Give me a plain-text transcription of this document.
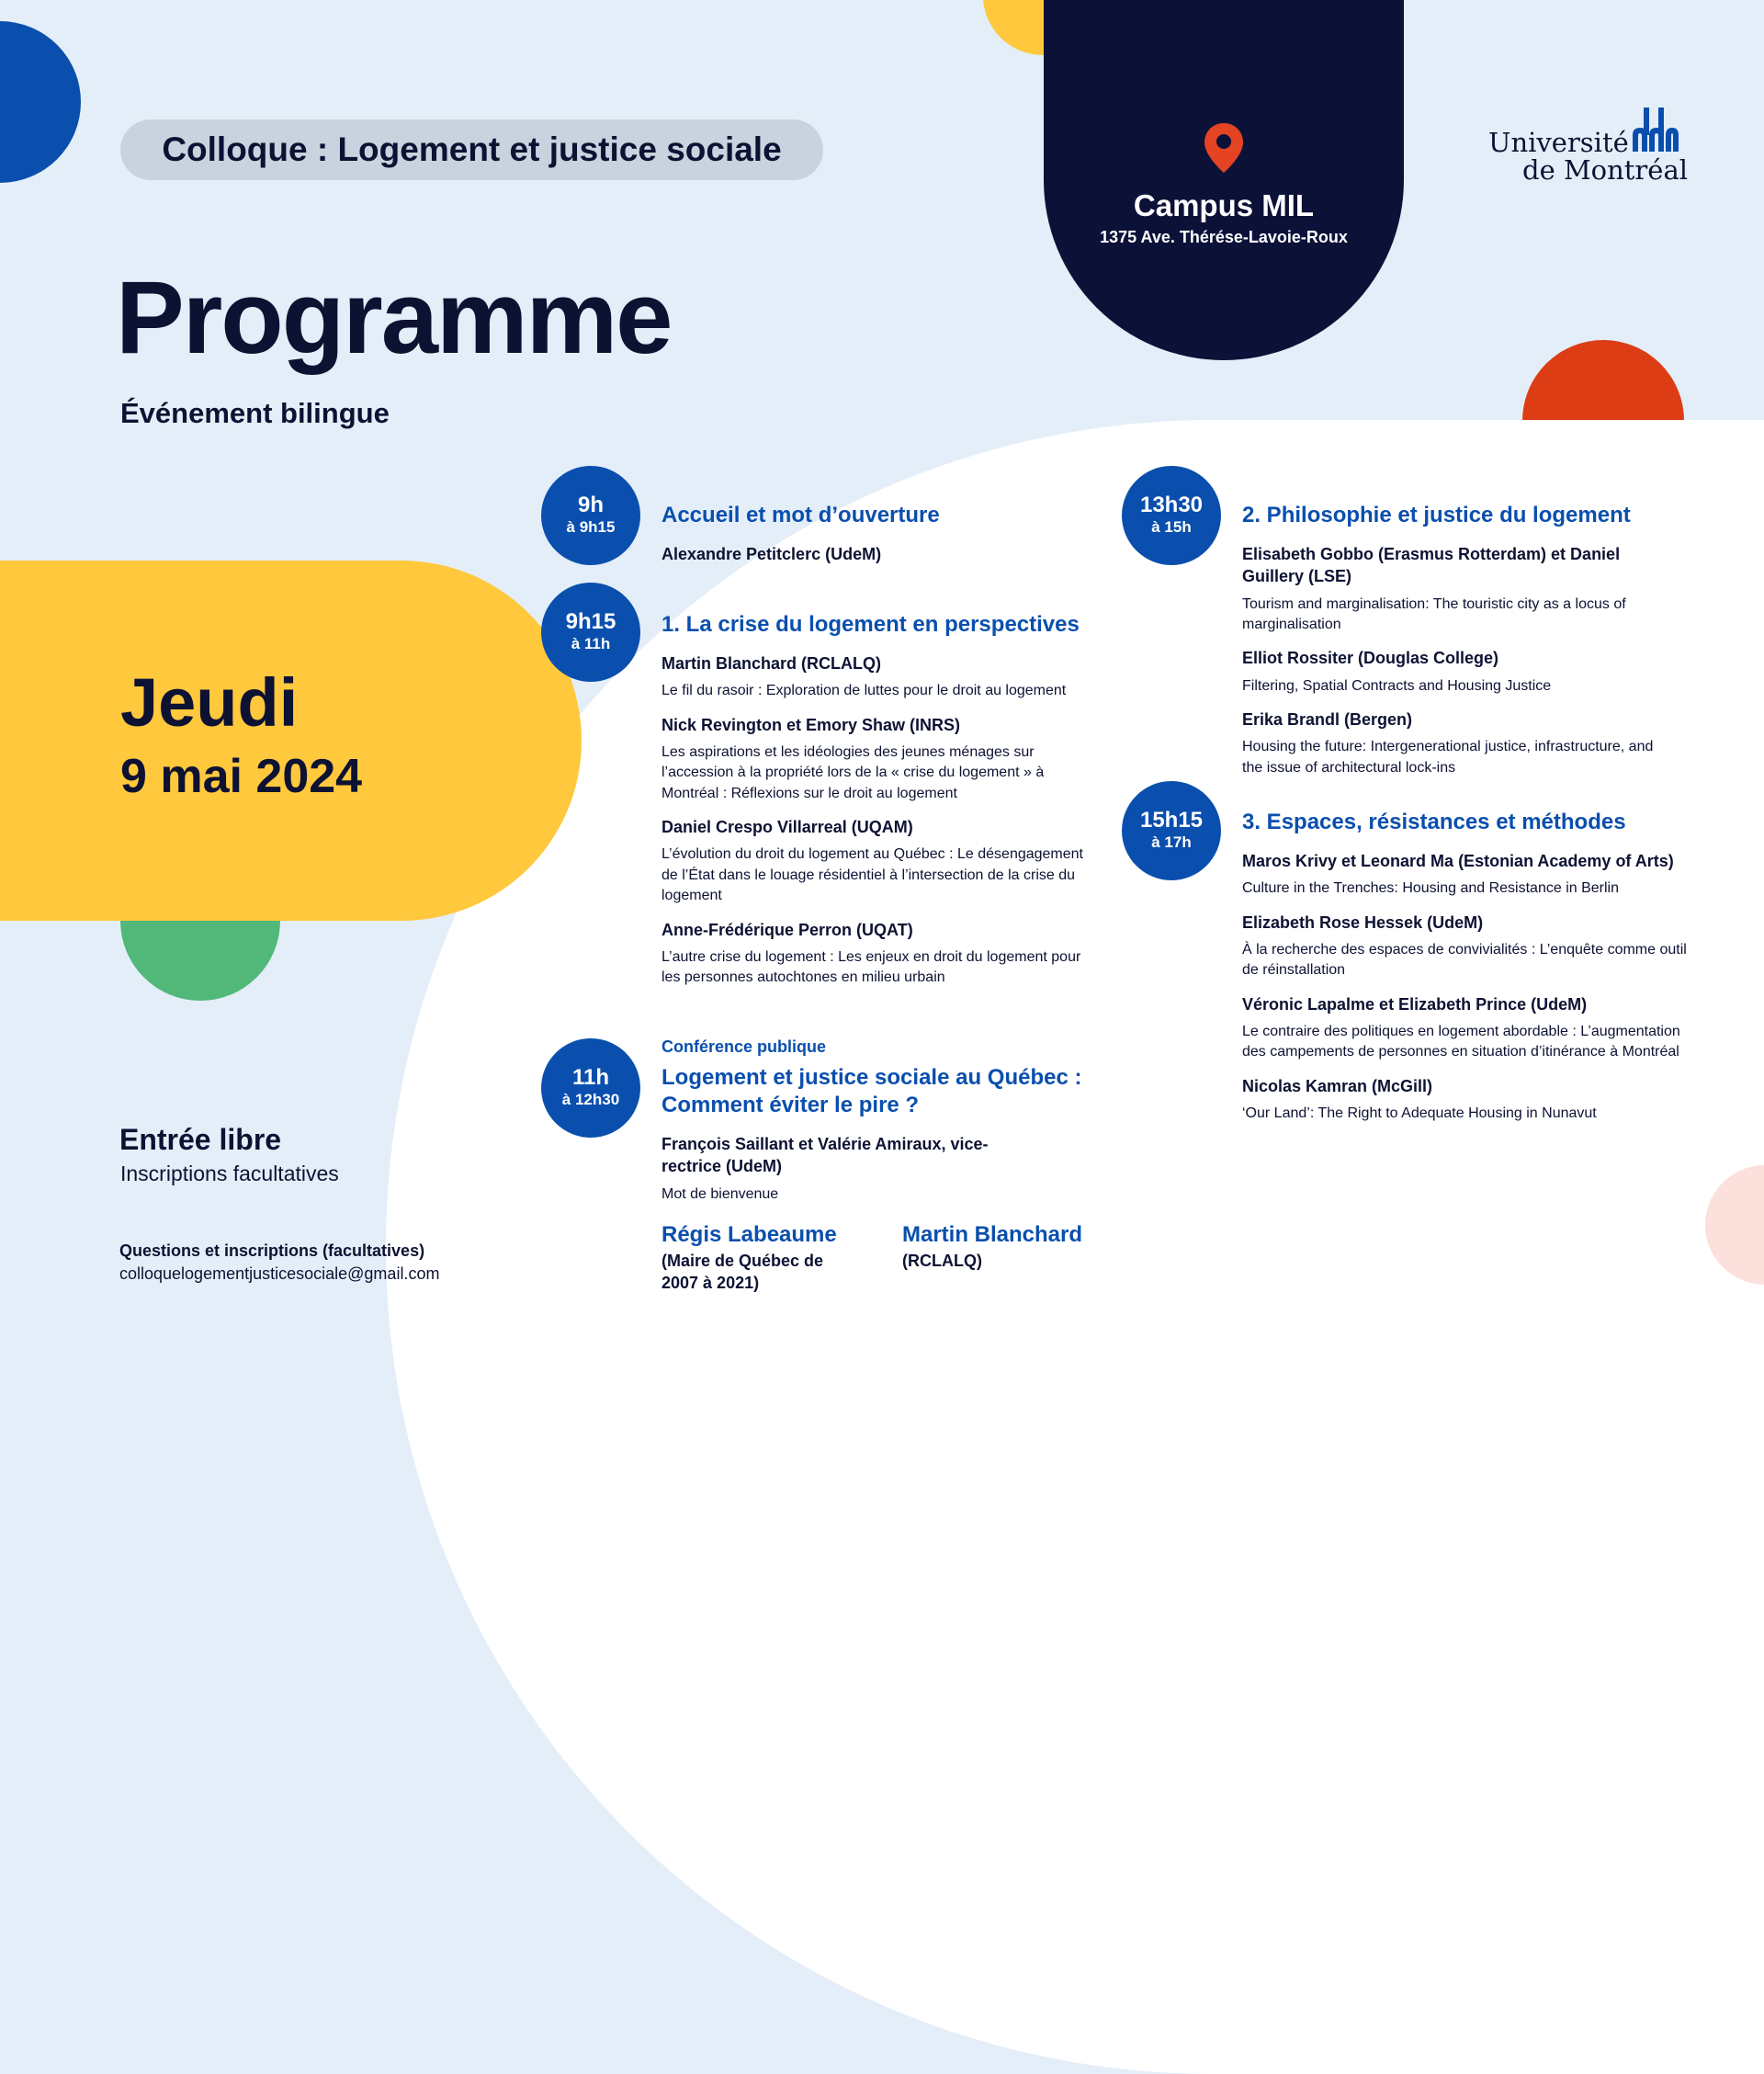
Campus MIL
1375 Ave. Thérése-Lavoie-Roux
Colloque : Logement et justice sociale
Programme
Événement bilingue
Université
de Montréal
Jeudi
9 mai 2024
Entrée libre
Inscriptions facultatives
Questions et inscriptions (facultatives)
colloquelogementjusticesociale@gmail.com
9h
à 9h15 Accueil et mot d’ouverture
Alexandre Petitclerc (UdeM)
9h15
à 11h
1. La crise du logement en perspectives
Martin Blanchard (RCLALQ)
Le fil du rasoir : Exploration de luttes pour le droit au logement
Nick Revington et Emory Shaw (INRS)
Les aspirations et les idéologies des jeunes ménages sur l’accession à la propriété lors de la « crise du logement » à Montréal : Réflexions sur le droit au logement
Daniel Crespo Villarreal (UQAM)
L’évolution du droit du logement au Québec : Le désengagement de l’État dans le louage résidentiel à l’intersection de la crise du logement
Anne-Frédérique Perron (UQAT)
L’autre crise du logement : Les enjeux en droit du logement pour les personnes autochtones en milieu urbain
11h
à 12h30
Conférence publique
Logement et justice sociale au Québec : Comment éviter le pire ?
François Saillant et Valérie Amiraux, vice-rectrice (UdeM)
Mot de bienvenue
Régis Labeaume
(Maire de Québec de 2007 à 2021)
Martin Blanchard
(RCLALQ)
13h30
à 15h 2. Philosophie et justice du logement
Elisabeth Gobbo (Erasmus Rotterdam) et Daniel Guillery (LSE)
Tourism and marginalisation: The touristic city as a locus of marginalisation
Elliot Rossiter (Douglas College)
Filtering, Spatial Contracts and Housing Justice
Erika Brandl (Bergen)
Housing the future: Intergenerational justice, infrastructure, and the issue of architectural lock-ins
15h15
à 17h
3. Espaces, résistances et méthodes
Maros Krivy et Leonard Ma (Estonian Academy of Arts)
Culture in the Trenches: Housing and Resistance in Berlin
Elizabeth Rose Hessek (UdeM)
À la recherche des espaces de convivialités : L’enquête comme outil de réinstallation
Véronic Lapalme et Elizabeth Prince (UdeM)
Le contraire des politiques en logement abordable : L’augmentation des campements de personnes en situation d’itinérance à Montréal
Nicolas Kamran (McGill)
‘Our Land’: The Right to Adequate Housing in Nunavut
